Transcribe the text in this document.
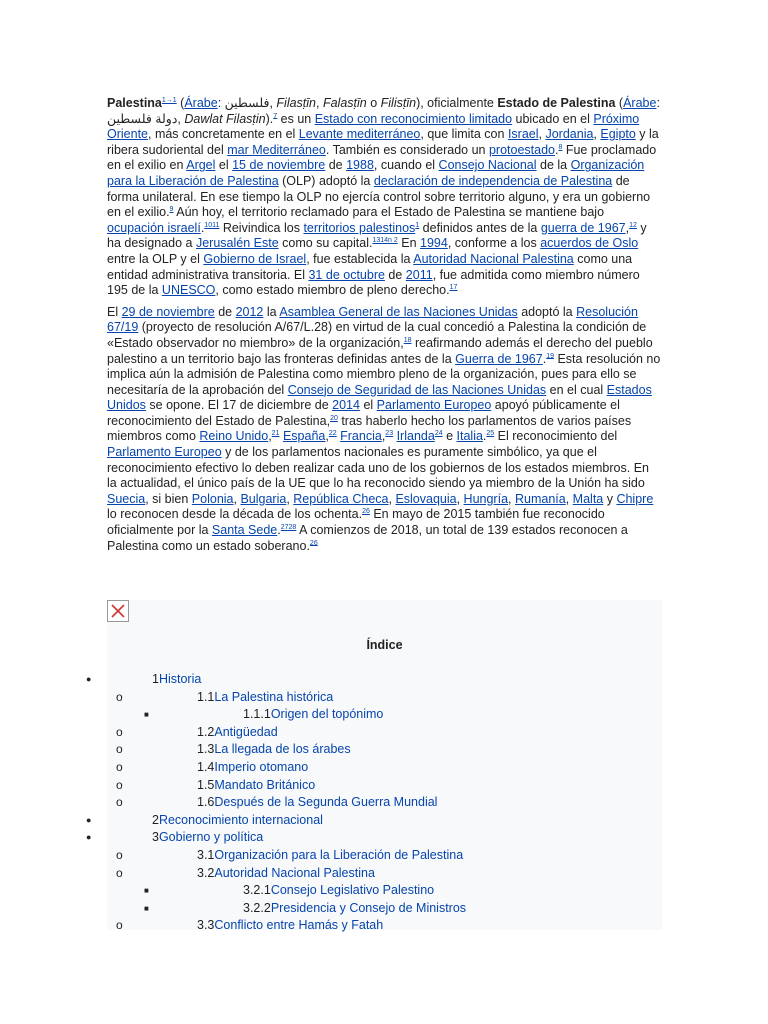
Palestina$^{1\to 1}$ (Árabe: فلسطين, Filasṭīn, Falasṭīn o Filisṭīn), oficialmente Estado de Palestina (Árabe: دولة فلسطين, Dawlat Filasṭin).$^7$ es un Estado con reconocimiento limitado ubicado en el Próximo Oriente, más concretamente en el Levante mediterráneo, que limita con Israel, Jordania, Egipto y la ribera sudoriental del mar Mediterráneo. También es considerado un protoestado.$^8$ Fue proclamado en el exilio en Argel el 15 de noviembre de 1988, cuando el Consejo Nacional de la Organización para la Liberación de Palestina (OLP) adoptó la declaración de independencia de Palestina de forma unilateral. En ese tiempo la OLP no ejercía control sobre territorio alguno, y era un gobierno en el exilio.$^9$ Aún hoy, el territorio reclamado para el Estado de Palestina se mantiene bajo ocupación israelí.$^{1011}$ Reivindica los territorios palestinos$^1$ definidos antes de la guerra de 1967,12 y ha designado a Jerusalén Este como su capital.$^{1314n 2}$ En 1994, conforme a los acuerdos de Oslo entre la OLP y el Gobierno de Israel, fue establecida la Autoridad Nacional Palestina como una entidad administrativa transitoria. El 31 de octubre de 2011, fue admitida como miembro número 195 de la UNESCO, como estado miembro de pleno derecho.$^{17}$

El 29 de noviembre de 2012 la Asamblea General de las Naciones Unidas adoptó la Resolución 67/19 (proyecto de resolución A/67/L.28) en virtud de la cual concedió a Palestina la condición de «Estado observador no miembro» de la organización,$^{18}$ reafirmando además el derecho del pueblo palestino a un territorio bajo las fronteras definidas antes de la Guerra de 1967.19 Esta resolución no implica aún la admisión de Palestina como miembro pleno de la organización, pues para ello se necesitaría de la aprobación del Consejo de Seguridad de las Naciones Unidas en el cual Estados Unidos se opone. El 17 de diciembre de 2014 el Parlamento Europeo apoyó públicamente el reconocimiento del Estado de Palestina,$^{20}$ tras haberlo hecho los parlamentos de varios países miembros como Reino Unido,$^{21}$ España,$^{22}$ Francia,$^{23}$ Irlanda$^{24}$ e Italia.$^{25}$ El reconocimiento del Parlamento Europeo y de los parlamentos nacionales es puramente simbólico, ya que el reconocimiento efectivo lo deben realizar cada uno de los gobiernos de los estados miembros. En la actualidad, el único país de la UE que lo ha reconocido siendo ya miembro de la Unión ha sido Suecia, si bien Polonia, Bulgaria, República Checa, Eslovaquia, Hungría, Rumanía, Malta y Chipre lo reconocen desde la década de los ochenta.$^{26}$ En mayo de 2015 también fue reconocido oficialmente por la Santa Sede.$^{2728}$ A comienzos de 2018, un total de 139 estados reconocen a Palestina como un estado soberano.$^{26}$

Índice
●	1Historia
o	1.1La Palestina histórica
■	1.1.1Origen del topónimo
o	1.2Antigüedad
o	1.3La llegada de los árabes
o	1.4Imperio otomano
o	1.5Mandato Británico
o	1.6Después de la Segunda Guerra Mundial
●	2Reconocimiento internacional
●	3Gobierno y política
o	3.1Organización para la Liberación de Palestina
o	3.2Autoridad Nacional Palestina
■	3.2.1Consejo Legislativo Palestino
■	3.2.2Presidencia y Consejo de Ministros
o	3.3Conflicto entre Hamás y Fatah
